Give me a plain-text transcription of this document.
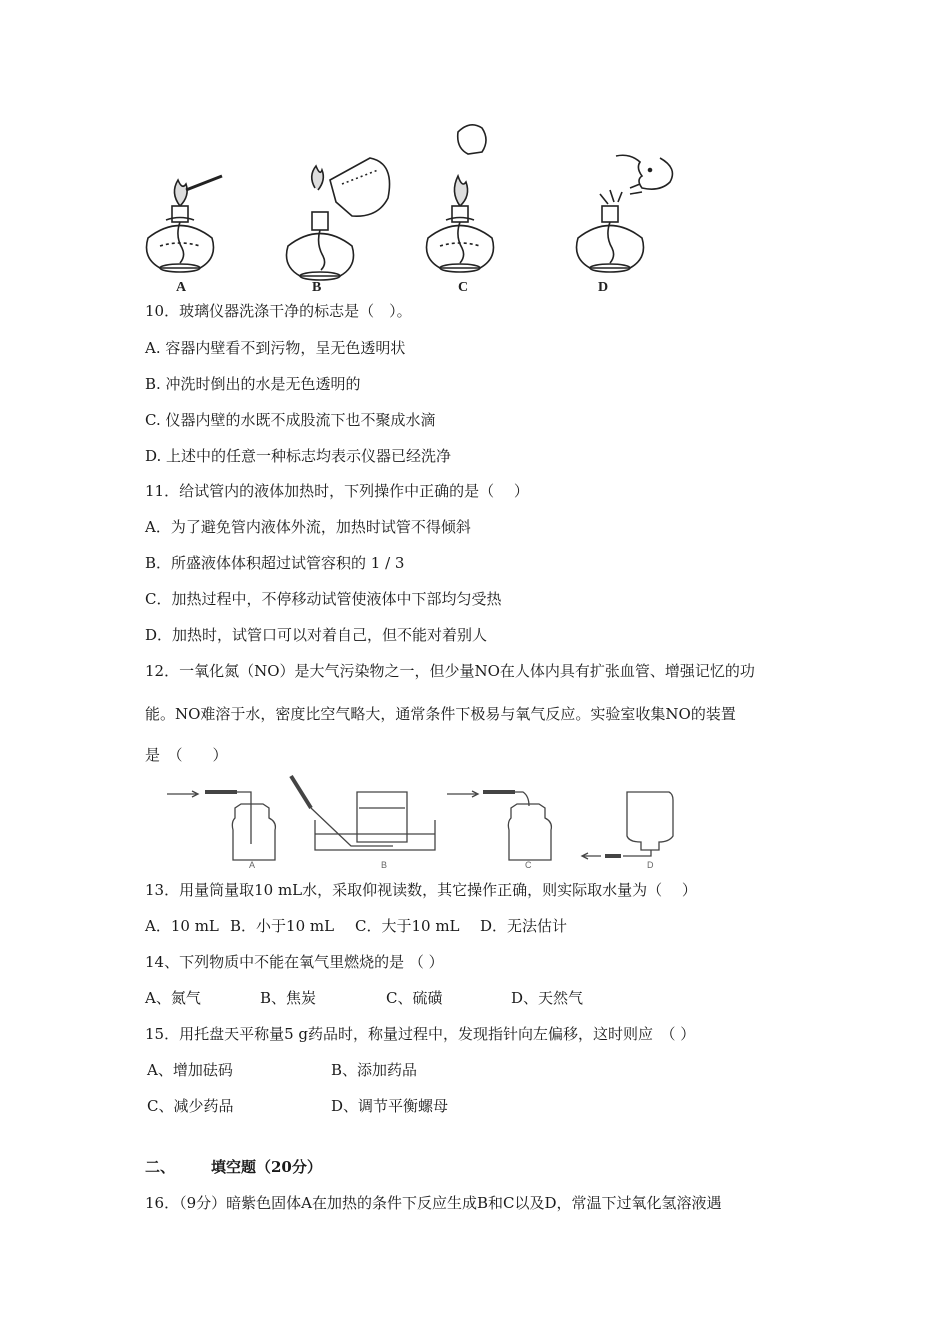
A	B	C	D
10．玻璃仪器洗涤干净的标志是（　）。
A. 容器内壁看不到污物，呈无色透明状
B. 冲洗时倒出的水是无色透明的
C. 仪器内壁的水既不成股流下也不聚成水滴
D. 上述中的任意一种标志均表示仪器已经洗净
11．给试管内的液体加热时，下列操作中正确的是（　 ）
A．为了避免管内液体外流，加热时试管不得倾斜
B．所盛液体体积超过试管容积的 1 / 3
C．加热过程中，不停移动试管使液体中下部均匀受热
D．加热时，试管口可以对着自己，但不能对着别人
12．一氧化氮（NO）是大气污染物之一，但少量NO在人体内具有扩张血管、增强记忆的功
能。NO难溶于水，密度比空气略大，通常条件下极易与氧气反应。实验室收集NO的装置
是　（　　）
A	B	C	D
13．用量筒量取10 mL水，采取仰视读数，其它操作正确，则实际取水量为（　 ）
A．10 mL B．小于10 mL C．大于10 mL D．无法估计
14、下列物质中不能在氧气里燃烧的是 （ ）
A、氮气	B、焦炭	C、硫磺	D、天然气
15．用托盘天平称量5 g药品时，称量过程中，发现指针向左偏移，这时则应　（ ）
A、增加砝码	B、添加药品
C、减少药品	D、调节平衡螺母
二、 填空题（20分）
16．（9分）暗紫色固体A在加热的条件下反应生成B和C以及D，常温下过氧化氢溶液遇
